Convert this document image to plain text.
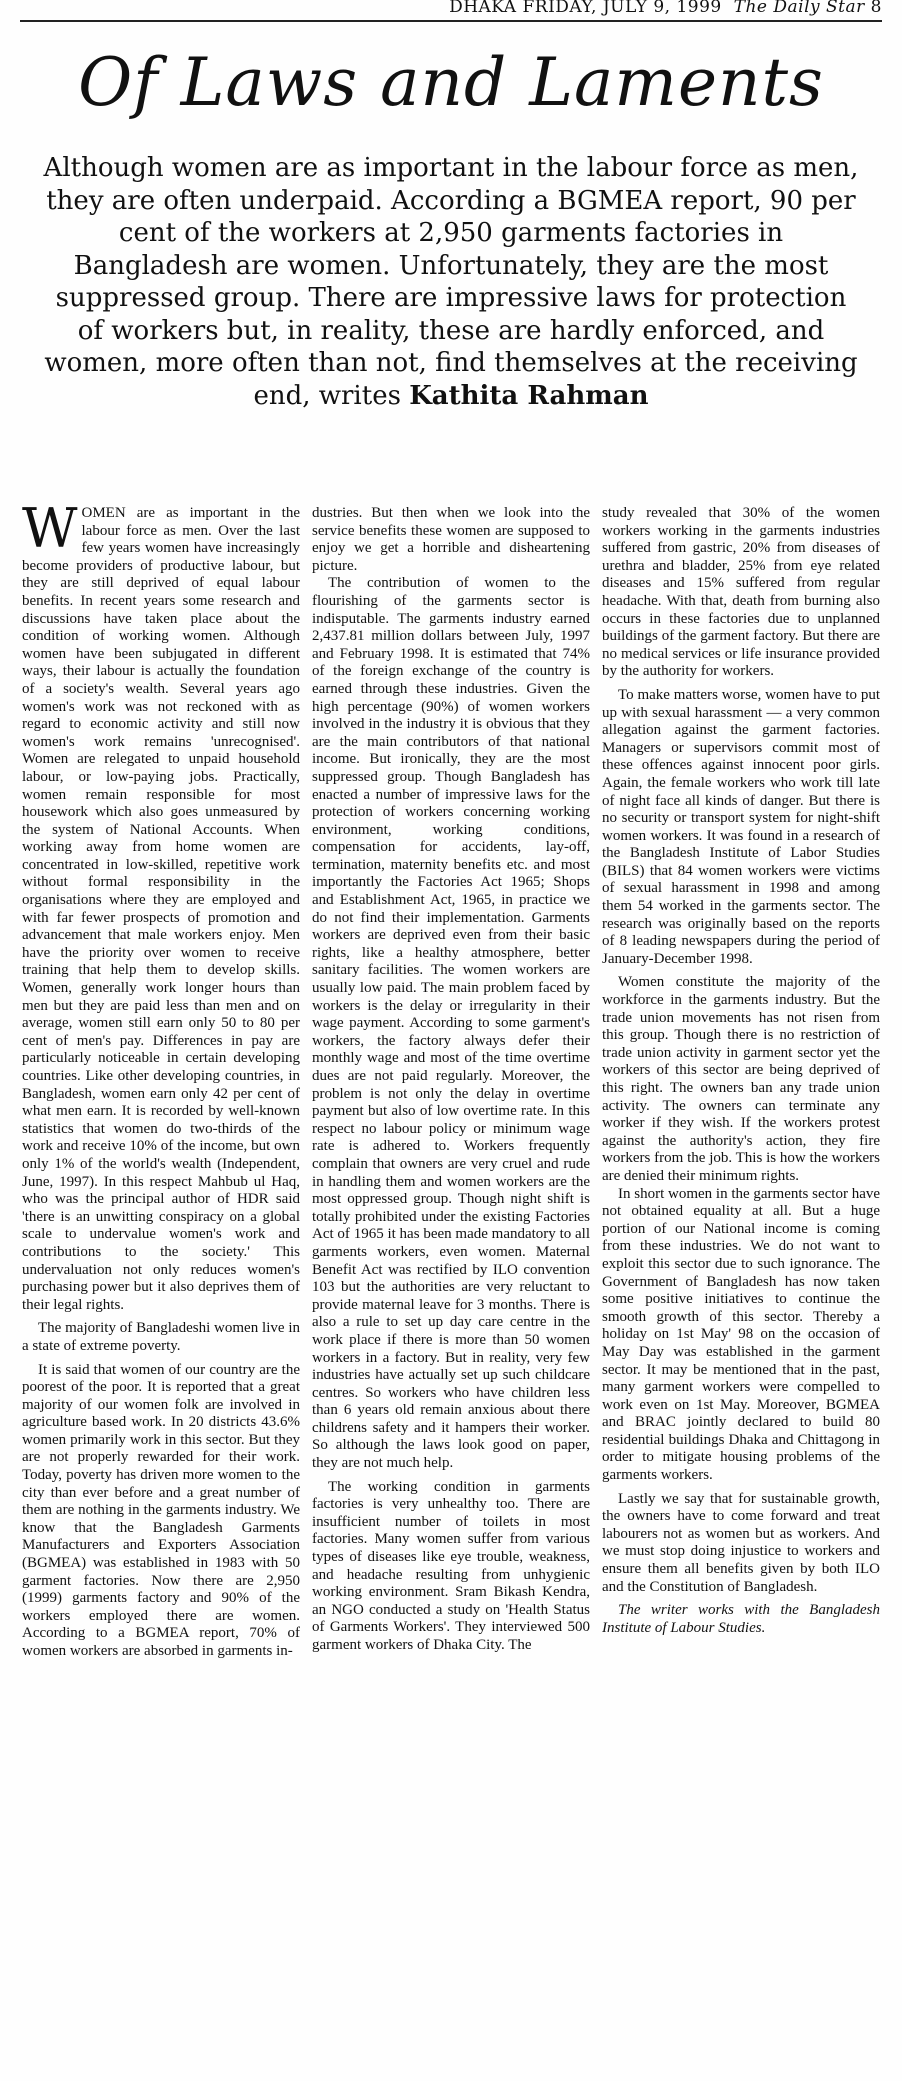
DHAKA FRIDAY, JULY 9, 1999 The Daily Star 8
Of Laws and Laments
Although women are as important in the labour force as men, they are often underpaid. According a BGMEA report, 90 per cent of the workers at 2,950 garments factories in Bangladesh are women. Unfortunately, they are the most suppressed group. There are impressive laws for protection of workers but, in reality, these are hardly enforced, and women, more often than not, find themselves at the receiving end, writes Kathita Rahman

WOMEN are as important in the labour force as men. Over the last few years women have increasingly become providers of productive labour, but they are still deprived of equal labour benefits. In recent years some research and discussions have taken place about the condition of working women. Although women have been subjugated in different ways, their labour is actually the foundation of a society's wealth. Several years ago women's work was not reckoned with as regard to economic activity and still now women's work remains 'unrecognised'. Women are relegated to unpaid household labour, or low-paying jobs. Practically, women remain responsible for most housework which also goes unmeasured by the system of National Accounts. When working away from home women are concentrated in low-skilled, repetitive work without formal responsibility in the organisations where they are employed and with far fewer prospects of promotion and advancement that male workers enjoy. Men have the priority over women to receive training that help them to develop skills. Women, generally work longer hours than men but they are paid less than men and on average, women still earn only 50 to 80 per cent of men's pay. Differences in pay are particularly noticeable in certain developing countries. Like other developing countries, in Bangladesh, women earn only 42 per cent of what men earn. It is recorded by well-known statistics that women do two-thirds of the work and receive 10% of the income, but own only 1% of the world's wealth (Independent, June, 1997). In this respect Mahbub ul Haq, who was the principal author of HDR said 'there is an unwitting conspiracy on a global scale to undervalue women's work and contributions to the society.' This undervaluation not only reduces women's purchasing power but it also deprives them of their legal rights.

The majority of Bangladeshi women live in a state of extreme poverty.

It is said that women of our country are the poorest of the poor. It is reported that a great majority of our women folk are involved in agriculture based work. In 20 districts 43.6% women primarily work in this sector. But they are not properly rewarded for their work. Today, poverty has driven more women to the city than ever before and a great number of them are nothing in the garments industry. We know that the Bangladesh Garments Manufacturers and Exporters Association (BGMEA) was established in 1983 with 50 garment factories. Now there are 2,950 (1999) garments factory and 90% of the workers employed there are women. According to a BGMEA report, 70% of women workers are absorbed in garments in-

dustries. But then when we look into the service benefits these women are supposed to enjoy we get a horrible and disheartening picture.

The contribution of women to the flourishing of the garments sector is indisputable. The garments industry earned 2,437.81 million dollars between July, 1997 and February 1998. It is estimated that 74% of the foreign exchange of the country is earned through these industries. Given the high percentage (90%) of women workers involved in the industry it is obvious that they are the main contributors of that national income. But ironically, they are the most suppressed group. Though Bangladesh has enacted a number of impressive laws for the protection of workers concerning working environment, working conditions, compensation for accidents, lay-off, termination, maternity benefits etc. and most importantly the Factories Act 1965; Shops and Establishment Act, 1965, in practice we do not find their implementation. Garments workers are deprived even from their basic rights, like a healthy atmosphere, better sanitary facilities. The women workers are usually low paid. The main problem faced by workers is the delay or irregularity in their wage payment. According to some garment's workers, the factory always defer their monthly wage and most of the time overtime dues are not paid regularly. Moreover, the problem is not only the delay in overtime payment but also of low overtime rate. In this respect no labour policy or minimum wage rate is adhered to. Workers frequently complain that owners are very cruel and rude in handling them and women workers are the most oppressed group. Though night shift is totally prohibited under the existing Factories Act of 1965 it has been made mandatory to all garments workers, even women. Maternal Benefit Act was rectified by ILO convention 103 but the authorities are very reluctant to provide maternal leave for 3 months. There is also a rule to set up day care centre in the work place if there is more than 50 women workers in a factory. But in reality, very few industries have actually set up such childcare centres. So workers who have children less than 6 years old remain anxious about there childrens safety and it hampers their worker. So although the laws look good on paper, they are not much help.

The working condition in garments factories is very unhealthy too. There are insufficient number of toilets in most factories. Many women suffer from various types of diseases like eye trouble, weakness, and headache resulting from unhygienic working environment. Sram Bikash Kendra, an NGO conducted a study on 'Health Status of Garments Workers'. They interviewed 500 garment workers of Dhaka City. The

study revealed that 30% of the women workers working in the garments industries suffered from gastric, 20% from diseases of urethra and bladder, 25% from eye related diseases and 15% suffered from regular headache. With that, death from burning also occurs in these factories due to unplanned buildings of the garment factory. But there are no medical services or life insurance provided by the authority for workers.

To make matters worse, women have to put up with sexual harassment — a very common allegation against the garment factories. Managers or supervisors commit most of these offences against innocent poor girls. Again, the female workers who work till late of night face all kinds of danger. But there is no security or transport system for night-shift women workers. It was found in a research of the Bangladesh Institute of Labor Studies (BILS) that 84 women workers were victims of sexual harassment in 1998 and among them 54 worked in the garments sector. The research was originally based on the reports of 8 leading newspapers during the period of January-December 1998.

Women constitute the majority of the workforce in the garments industry. But the trade union movements has not risen from this group. Though there is no restriction of trade union activity in garment sector yet the workers of this sector are being deprived of this right. The owners ban any trade union activity. The owners can terminate any worker if they wish. If the workers protest against the authority's action, they fire workers from the job. This is how the workers are denied their minimum rights.

In short women in the garments sector have not obtained equality at all. But a huge portion of our National income is coming from these industries. We do not want to exploit this sector due to such ignorance. The Government of Bangladesh has now taken some positive initiatives to continue the smooth growth of this sector. Thereby a holiday on 1st May' 98 on the occasion of May Day was established in the garment sector. It may be mentioned that in the past, many garment workers were compelled to work even on 1st May. Moreover, BGMEA and BRAC jointly declared to build 80 residential buildings Dhaka and Chittagong in order to mitigate housing problems of the garments workers.

Lastly we say that for sustainable growth, the owners have to come forward and treat labourers not as women but as workers. And we must stop doing injustice to workers and ensure them all benefits given by both ILO and the Constitution of Bangladesh.

The writer works with the Bangladesh Institute of Labour Studies.
